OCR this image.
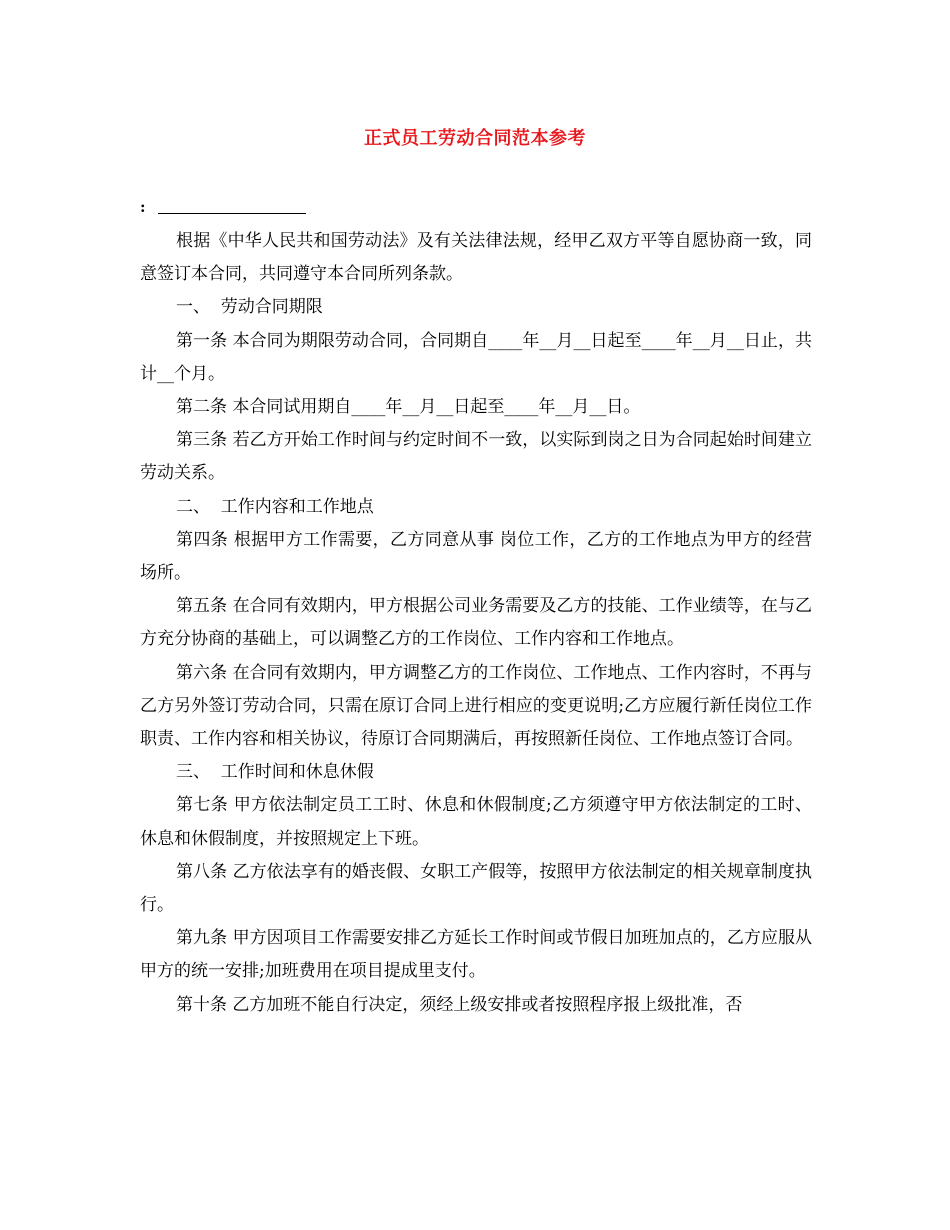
正式员工劳动合同范本参考
:

根据《中华人民共和国劳动法》及有关法律法规，经甲乙双方平等自愿协商一致，同意签订本合同，共同遵守本合同所列条款。

一、  劳动合同期限

第一条 本合同为期限劳动合同，合同期自____年__月__日起至____年__月__日止，共计__个月。

第二条 本合同试用期自____年__月__日起至____年__月__日。

第三条 若乙方开始工作时间与约定时间不一致，以实际到岗之日为合同起始时间建立劳动关系。

二、  工作内容和工作地点

第四条 根据甲方工作需要，乙方同意从事 岗位工作，乙方的工作地点为甲方的经营场所。

第五条 在合同有效期内，甲方根据公司业务需要及乙方的技能、工作业绩等，在与乙方充分协商的基础上，可以调整乙方的工作岗位、工作内容和工作地点。

第六条 在合同有效期内，甲方调整乙方的工作岗位、工作地点、工作内容时，不再与乙方另外签订劳动合同，只需在原订合同上进行相应的变更说明;乙方应履行新任岗位工作职责、工作内容和相关协议，待原订合同期满后，再按照新任岗位、工作地点签订合同。

三、  工作时间和休息休假

第七条 甲方依法制定员工工时、休息和休假制度;乙方须遵守甲方依法制定的工时、休息和休假制度，并按照规定上下班。

第八条 乙方依法享有的婚丧假、女职工产假等，按照甲方依法制定的相关规章制度执行。

第九条 甲方因项目工作需要安排乙方延长工作时间或节假日加班加点的，乙方应服从甲方的统一安排;加班费用在项目提成里支付。

第十条 乙方加班不能自行决定，须经上级安排或者按照程序报上级批准，否
